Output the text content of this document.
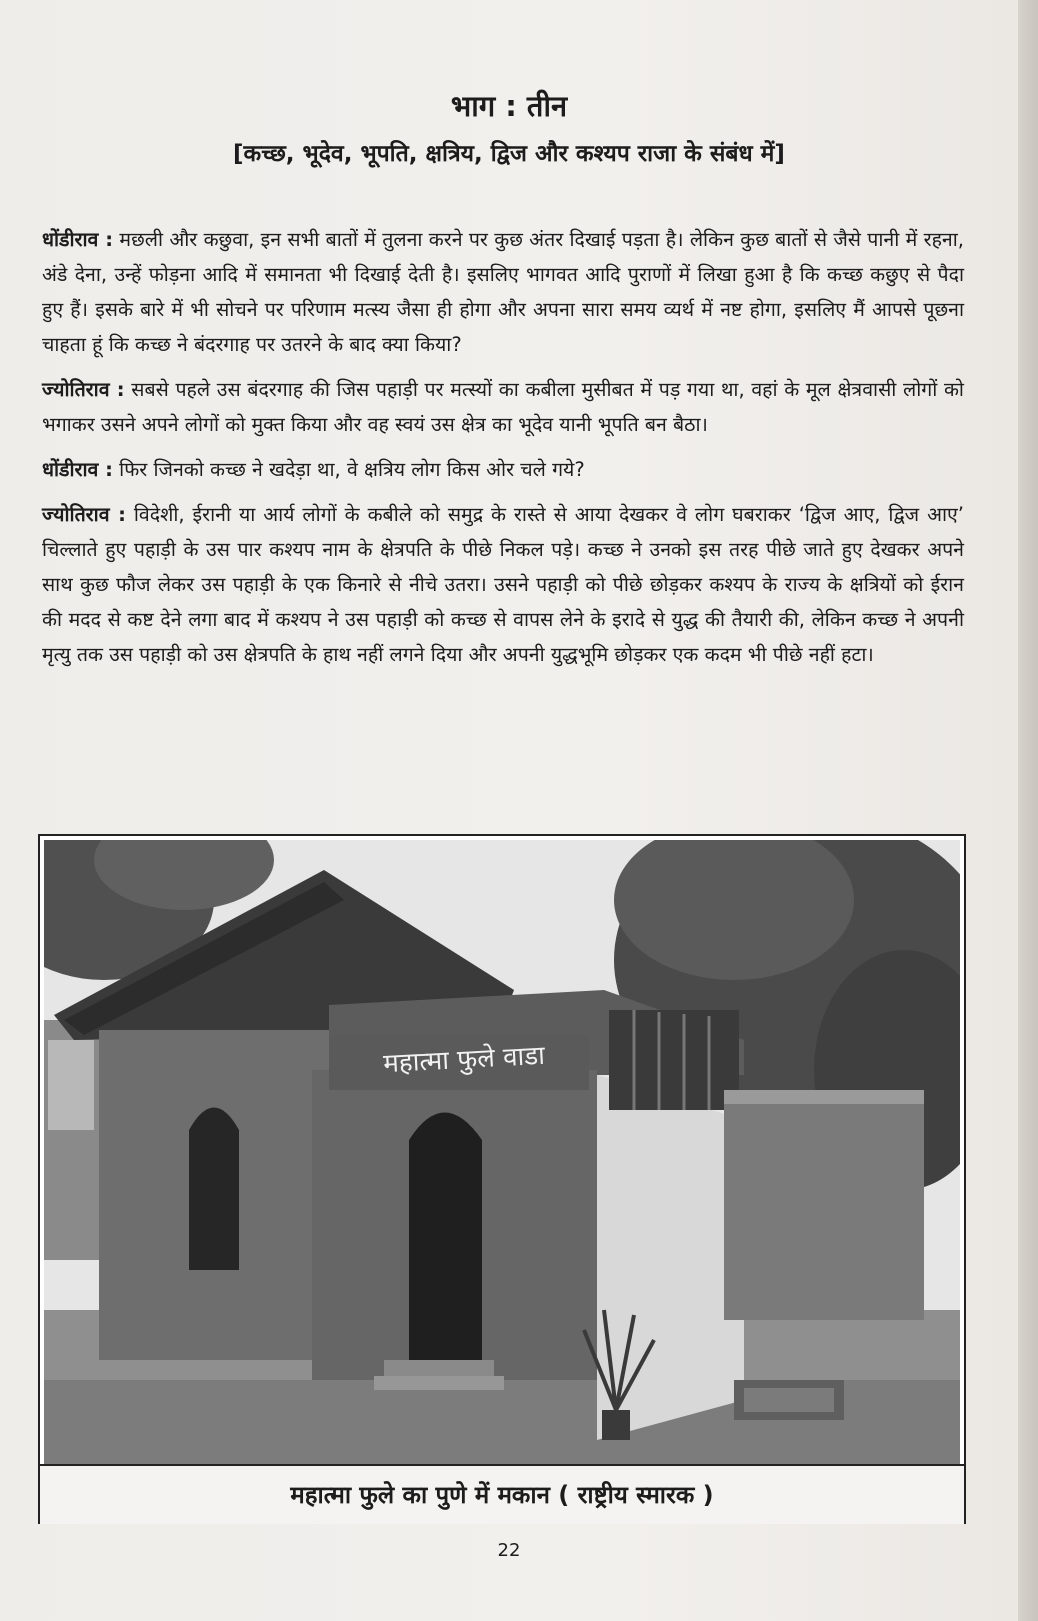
भाग : तीन
[कच्छ, भूदेव, भूपति, क्षत्रिय, द्विज और कश्यप राजा के संबंध में]

धोंडीराव : मछली और कछुवा, इन सभी बातों में तुलना करने पर कुछ अंतर दिखाई पड़ता है। लेकिन कुछ बातों से जैसे पानी में रहना, अंडे देना, उन्हें फोड़ना आदि में समानता भी दिखाई देती है। इसलिए भागवत आदि पुराणों में लिखा हुआ है कि कच्छ कछुए से पैदा हुए हैं। इसके बारे में भी सोचने पर परिणाम मत्स्य जैसा ही होगा और अपना सारा समय व्यर्थ में नष्ट होगा, इसलिए मैं आपसे पूछना चाहता हूं कि कच्छ ने बंदरगाह पर उतरने के बाद क्या किया?

ज्योतिराव : सबसे पहले उस बंदरगाह की जिस पहाड़ी पर मत्स्यों का कबीला मुसीबत में पड़ गया था, वहां के मूल क्षेत्रवासी लोगों को भगाकर उसने अपने लोगों को मुक्त किया और वह स्वयं उस क्षेत्र का भूदेव यानी भूपति बन बैठा।

धोंडीराव : फिर जिनको कच्छ ने खदेड़ा था, वे क्षत्रिय लोग किस ओर चले गये?

ज्योतिराव : विदेशी, ईरानी या आर्य लोगों के कबीले को समुद्र के रास्ते से आया देखकर वे लोग घबराकर ‘द्विज आए, द्विज आए’ चिल्लाते हुए पहाड़ी के उस पार कश्यप नाम के क्षेत्रपति के पीछे निकल पड़े। कच्छ ने उनको इस तरह पीछे जाते हुए देखकर अपने साथ कुछ फौज लेकर उस पहाड़ी के एक किनारे से नीचे उतरा। उसने पहाड़ी को पीछे छोड़कर कश्यप के राज्य के क्षत्रियों को ईरान की मदद से कष्ट देने लगा बाद में कश्यप ने उस पहाड़ी को कच्छ से वापस लेने के इरादे से युद्ध की तैयारी की, लेकिन कच्छ ने अपनी मृत्यु तक उस पहाड़ी को उस क्षेत्रपति के हाथ नहीं लगने दिया और अपनी युद्धभूमि छोड़कर एक कदम भी पीछे नहीं हटा।

महात्मा फुले वाडा
महात्मा फुले का पुणे में मकान ( राष्ट्रीय स्मारक )
22
